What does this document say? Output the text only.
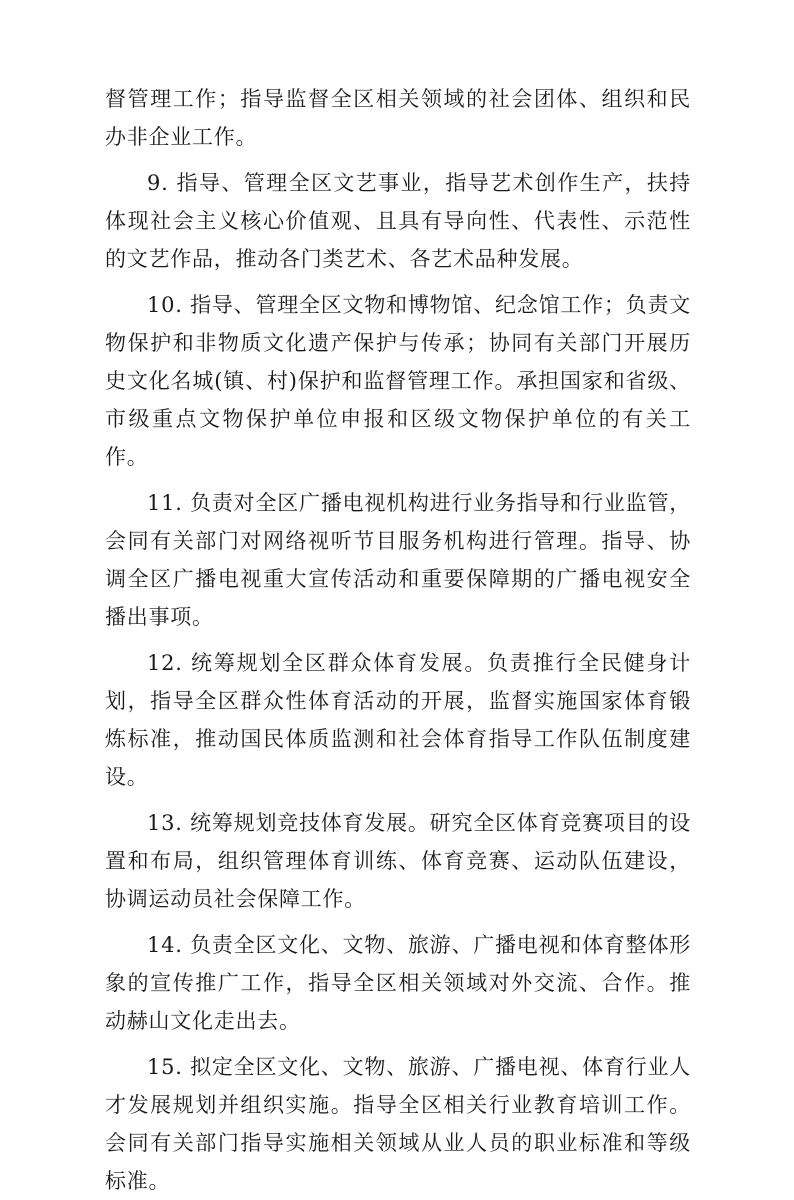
督管理工作；指导监督全区相关领域的社会团体、组织和民办非企业工作。

9. 指导、管理全区文艺事业，指导艺术创作生产，扶持体现社会主义核心价值观、且具有导向性、代表性、示范性的文艺作品，推动各门类艺术、各艺术品种发展。

10. 指导、管理全区文物和博物馆、纪念馆工作；负责文物保护和非物质文化遗产保护与传承；协同有关部门开展历史文化名城(镇、村)保护和监督管理工作。承担国家和省级、市级重点文物保护单位申报和区级文物保护单位的有关工作。

11. 负责对全区广播电视机构进行业务指导和行业监管，会同有关部门对网络视听节目服务机构进行管理。指导、协调全区广播电视重大宣传活动和重要保障期的广播电视安全播出事项。

12. 统筹规划全区群众体育发展。负责推行全民健身计划，指导全区群众性体育活动的开展，监督实施国家体育锻炼标准，推动国民体质监测和社会体育指导工作队伍制度建设。

13. 统筹规划竞技体育发展。研究全区体育竞赛项目的设置和布局，组织管理体育训练、体育竞赛、运动队伍建设，协调运动员社会保障工作。

14. 负责全区文化、文物、旅游、广播电视和体育整体形象的宣传推广工作，指导全区相关领域对外交流、合作。推动赫山文化走出去。

15. 拟定全区文化、文物、旅游、广播电视、体育行业人才发展规划并组织实施。指导全区相关行业教育培训工作。会同有关部门指导实施相关领域从业人员的职业标准和等级标准。
